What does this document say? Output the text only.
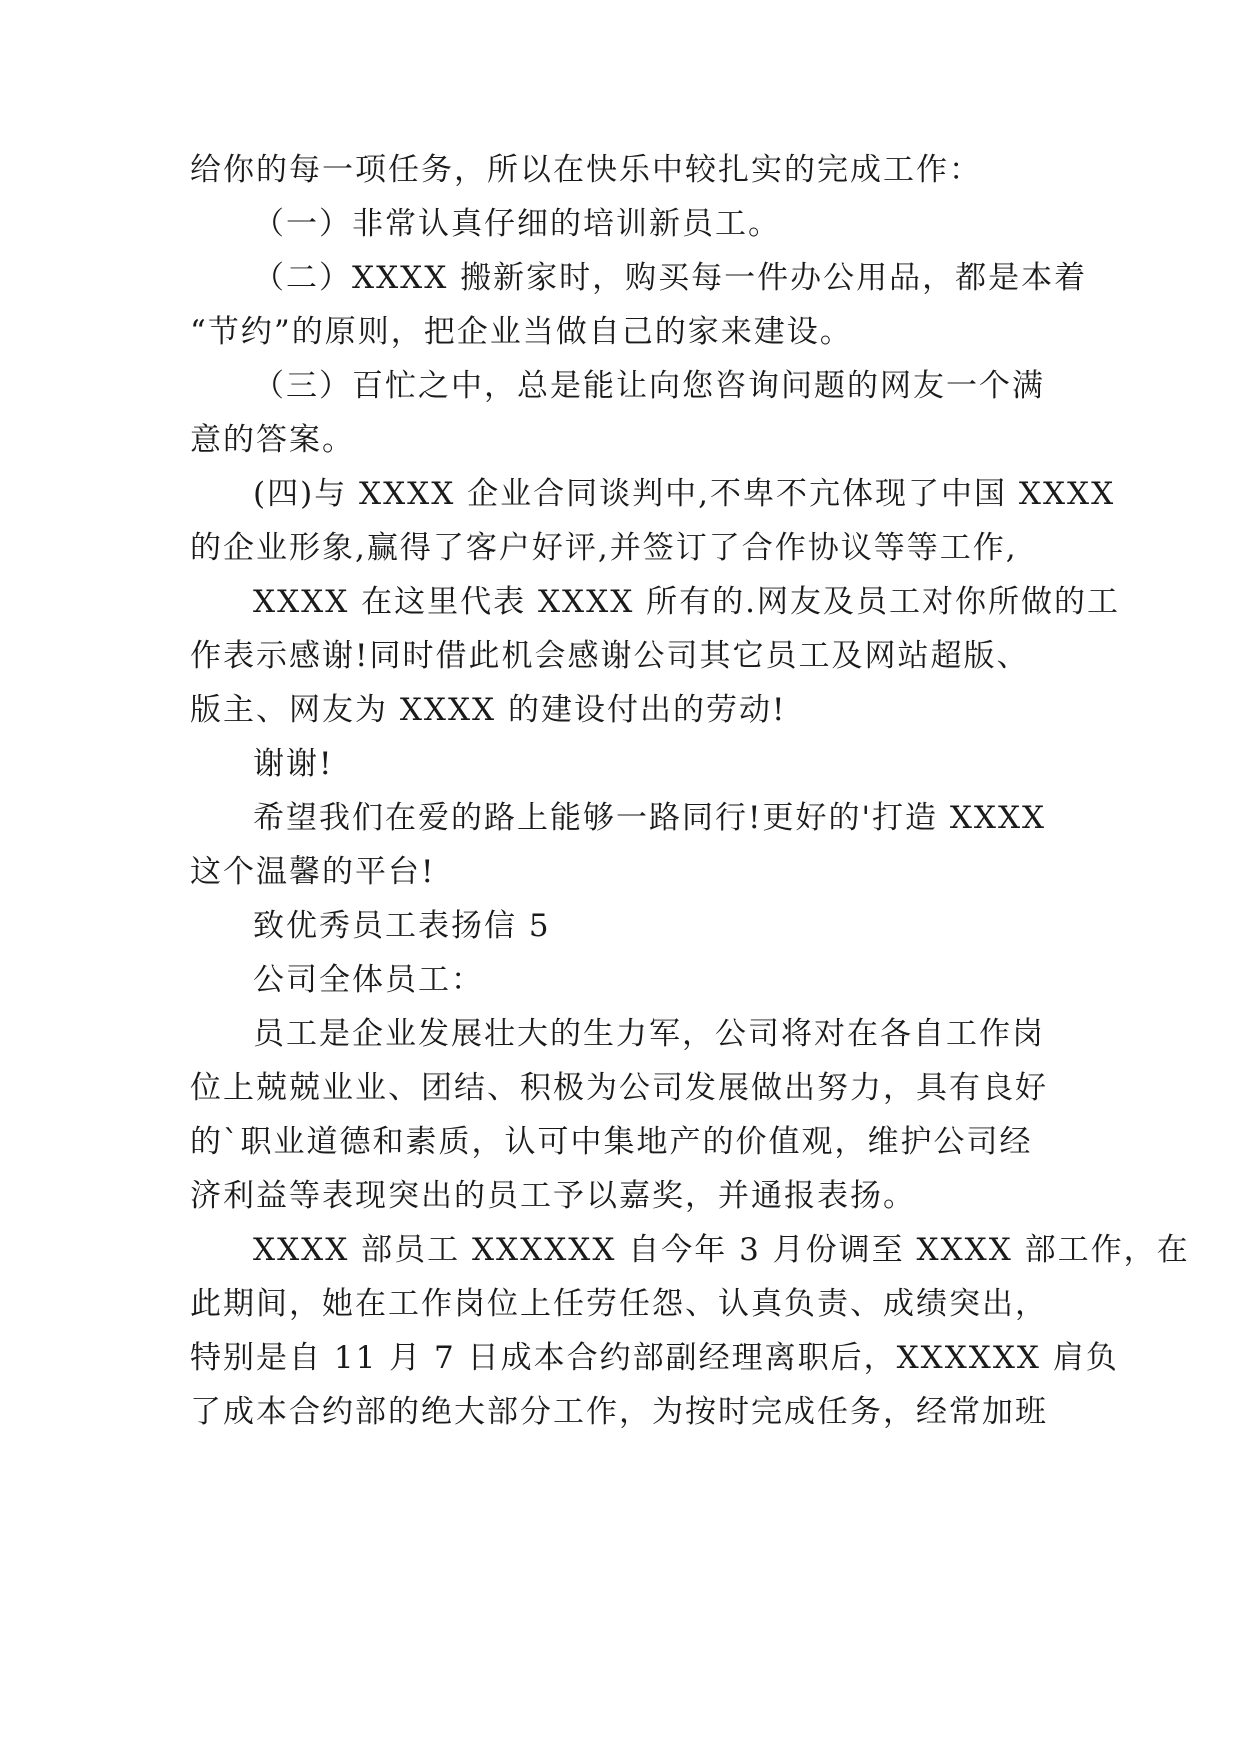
给你的每一项任务，所以在快乐中较扎实的完成工作：
（一）非常认真仔细的培训新员工。
（二）XXXX 搬新家时，购买每一件办公用品，都是本着
“节约”的原则，把企业当做自己的家来建设。
（三）百忙之中，总是能让向您咨询问题的网友一个满
意的答案。
(四)与 XXXX 企业合同谈判中,不卑不亢体现了中国 XXXX
的企业形象,赢得了客户好评,并签订了合作协议等等工作,
XXXX 在这里代表 XXXX 所有的.网友及员工对你所做的工
作表示感谢!同时借此机会感谢公司其它员工及网站超版、
版主、网友为 XXXX 的建设付出的劳动!
谢谢!
希望我们在爱的路上能够一路同行!更好的'打造 XXXX
这个温馨的平台!
致优秀员工表扬信 5
公司全体员工：
员工是企业发展壮大的生力军，公司将对在各自工作岗
位上兢兢业业、团结、积极为公司发展做出努力，具有良好
的`职业道德和素质，认可中集地产的价值观，维护公司经
济利益等表现突出的员工予以嘉奖，并通报表扬。
XXXX 部员工 XXXXXX 自今年 3 月份调至 XXXX 部工作，在
此期间，她在工作岗位上任劳任怨、认真负责、成绩突出，
特别是自 11 月 7 日成本合约部副经理离职后，XXXXXX 肩负
了成本合约部的绝大部分工作，为按时完成任务，经常加班
